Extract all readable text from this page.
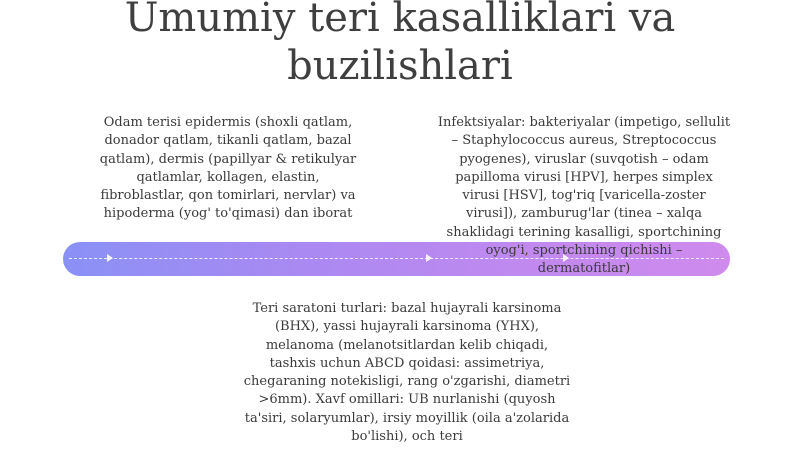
Umumiy teri kasalliklari va
buzilishlari
Odam terisi epidermis (shoxli qatlam,
donador qatlam, tikanli qatlam, bazal
qatlam), dermis (papillyar & retikulyar
qatlamlar, kollagen, elastin,
fibroblastlar, qon tomirlari, nervlar) va
hipoderma (yog' to'qimasi) dan iborat
Infektsiyalar: bakteriyalar (impetigo, sellulit
– Staphylococcus aureus, Streptococcus
pyogenes), viruslar (suvqotish – odam
papilloma virusi [HPV], herpes simplex
virusi [HSV], tog'riq [varicella-zoster
virusi]), zamburug'lar (tinea – xalqa
shaklidagi terining kasalligi, sportchining
oyog'i, sportchining qichishi –
dermatofitlar)
Teri saratoni turlari: bazal hujayrali karsinoma
(BHX), yassi hujayrali karsinoma (YHX),
melanoma (melanotsitlardan kelib chiqadi,
tashxis uchun ABCD qoidasi: assimetriya,
chegaraning notekisligi, rang o'zgarishi, diametri
>6mm). Xavf omillari: UB nurlanishi (quyosh
ta'siri, solaryumlar), irsiy moyillik (oila a'zolarida
bo'lishi), och teri
